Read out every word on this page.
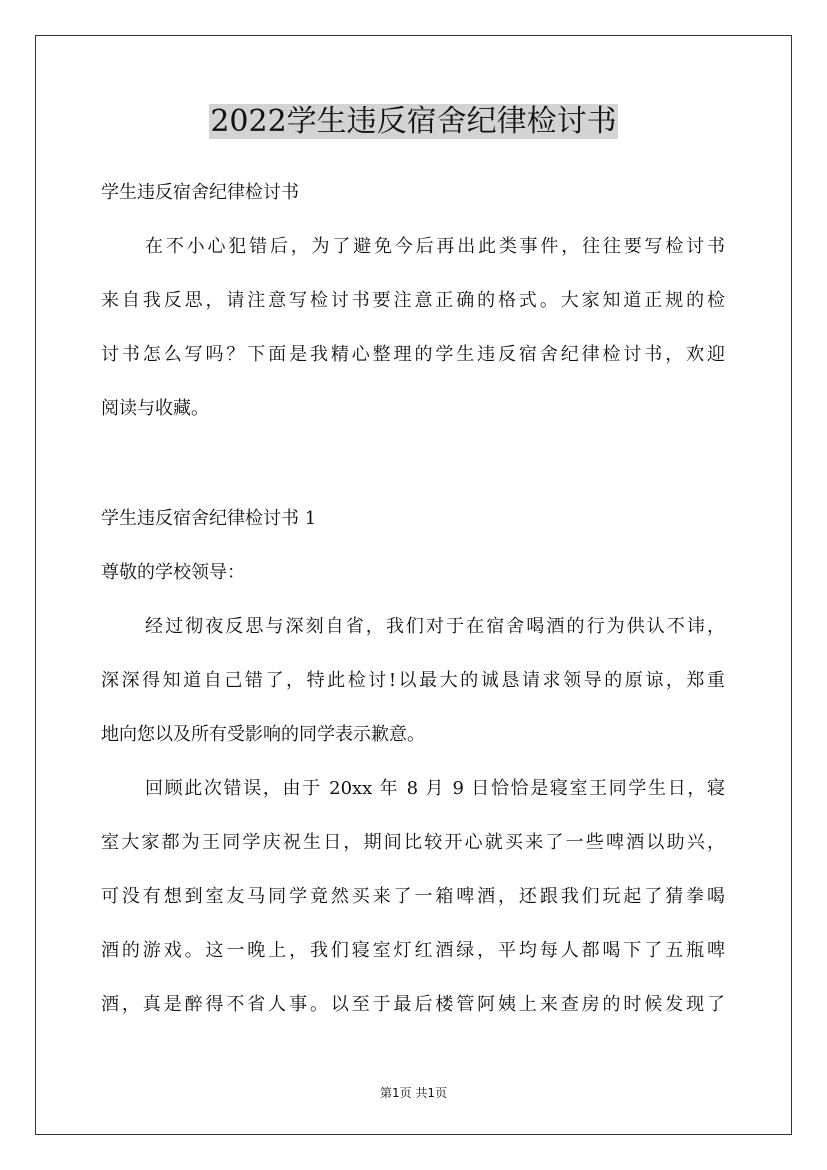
2022学生违反宿舍纪律检讨书

学生违反宿舍纪律检讨书

在不小心犯错后，为了避免今后再出此类事件，往往要写检讨书

来自我反思，请注意写检讨书要注意正确的格式。大家知道正规的检

讨书怎么写吗？下面是我精心整理的学生违反宿舍纪律检讨书，欢迎

阅读与收藏。

学生违反宿舍纪律检讨书 1

尊敬的学校领导：

经过彻夜反思与深刻自省，我们对于在宿舍喝酒的行为供认不讳，

深深得知道自己错了，特此检讨!以最大的诚恳请求领导的原谅，郑重

地向您以及所有受影响的同学表示歉意。

回顾此次错误，由于 20xx 年 8 月 9 日恰恰是寝室王同学生日，寝

室大家都为王同学庆祝生日，期间比较开心就买来了一些啤酒以助兴，

可没有想到室友马同学竟然买来了一箱啤酒，还跟我们玩起了猜拳喝

酒的游戏。这一晚上，我们寝室灯红酒绿，平均每人都喝下了五瓶啤

酒，真是醉得不省人事。以至于最后楼管阿姨上来查房的时候发现了

第1页 共1页
